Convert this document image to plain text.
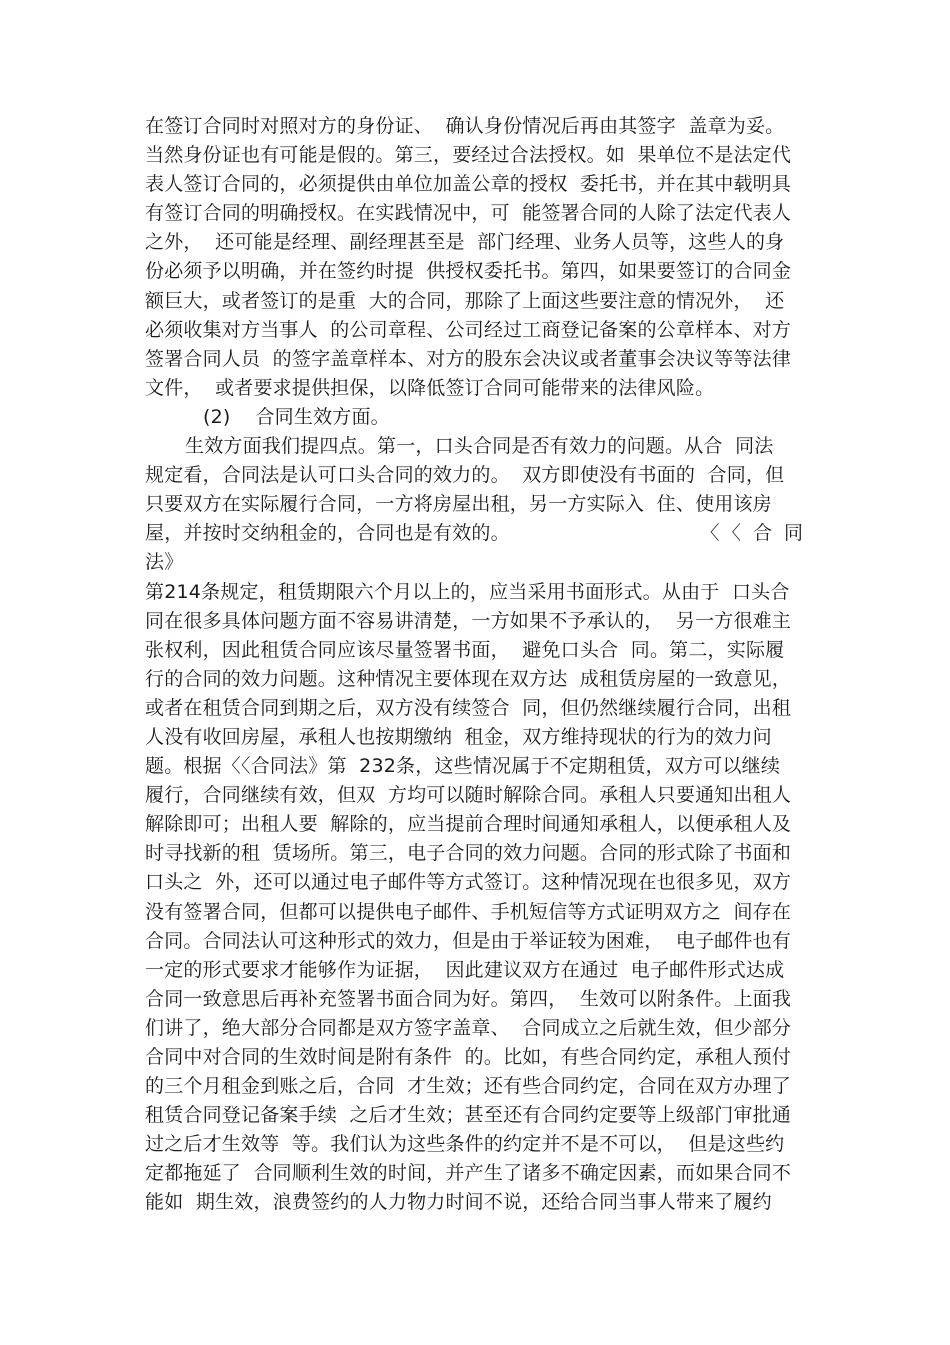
在签订合同时对照对方的身份证、  确认身份情况后再由其签字  盖章为妥。
当然身份证也有可能是假的。第三，要经过合法授权。如  果单位不是法定代
表人签订合同的，必须提供由单位加盖公章的授权  委托书，并在其中载明具
有签订合同的明确授权。在实践情况中，可  能签署合同的人除了法定代表人
之外，  还可能是经理、副经理甚至是  部门经理、业务人员等，这些人的身
份必须予以明确，并在签约时提  供授权委托书。第四，如果要签订的合同金
额巨大，或者签订的是重  大的合同，那除了上面这些要注意的情况外，  还
必须收集对方当事人  的公司章程、公司经过工商登记备案的公章样本、对方
签署合同人员  的签字盖章样本、对方的股东会决议或者董事会决议等等法律
文件，  或者要求提供担保，以降低签订合同可能带来的法律风险。
(2)    合同生效方面。
生效方面我们提四点。第一，口头合同是否有效力的问题。从合  同法
规定看，合同法是认可口头合同的效力的。  双方即使没有书面的  合同，但
只要双方在实际履行合同，一方将房屋出租，另一方实际入  住、使用该房

屋，并按时交纳租金的，合同也是有效的。

	〈〈合同

法》
第214条规定，租赁期限六个月以上的，应当采用书面形式。从由于  口头合
同在很多具体问题方面不容易讲清楚，一方如果不予承认的，  另一方很难主
张权利，因此租赁合同应该尽量签署书面，  避免口头合  同。第二，实际履
行的合同的效力问题。这种情况主要体现在双方达  成租赁房屋的一致意见，
或者在租赁合同到期之后，双方没有续签合  同，但仍然继续履行合同，出租
人没有收回房屋，承租人也按期缴纳  租金，双方维持现状的行为的效力问
题。根据〈〈合同法》第  232条，这些情况属于不定期租赁，双方可以继续
履行，合同继续有效，但双  方均可以随时解除合同。承租人只要通知出租人
解除即可；出租人要  解除的，应当提前合理时间通知承租人，以便承租人及
时寻找新的租  赁场所。第三，电子合同的效力问题。合同的形式除了书面和
口头之  外，还可以通过电子邮件等方式签订。这种情况现在也很多见，双方
没有签署合同，但都可以提供电子邮件、手机短信等方式证明双方之  间存在
合同。合同法认可这种形式的效力，但是由于举证较为困难，  电子邮件也有
一定的形式要求才能够作为证据，  因此建议双方在通过  电子邮件形式达成
合同一致意思后再补充签署书面合同为好。第四，  生效可以附条件。上面我
们讲了，绝大部分合同都是双方签字盖章、  合同成立之后就生效，但少部分
合同中对合同的生效时间是附有条件  的。比如，有些合同约定，承租人预付
的三个月租金到账之后，合同  才生效；还有些合同约定，合同在双方办理了
租赁合同登记备案手续  之后才生效；甚至还有合同约定要等上级部门审批通
过之后才生效等  等。我们认为这些条件的约定并不是不可以，  但是这些约
定都拖延了  合同顺利生效的时间，并产生了诸多不确定因素，而如果合同不
能如  期生效，浪费签约的人力物力时间不说，还给合同当事人带来了履约
